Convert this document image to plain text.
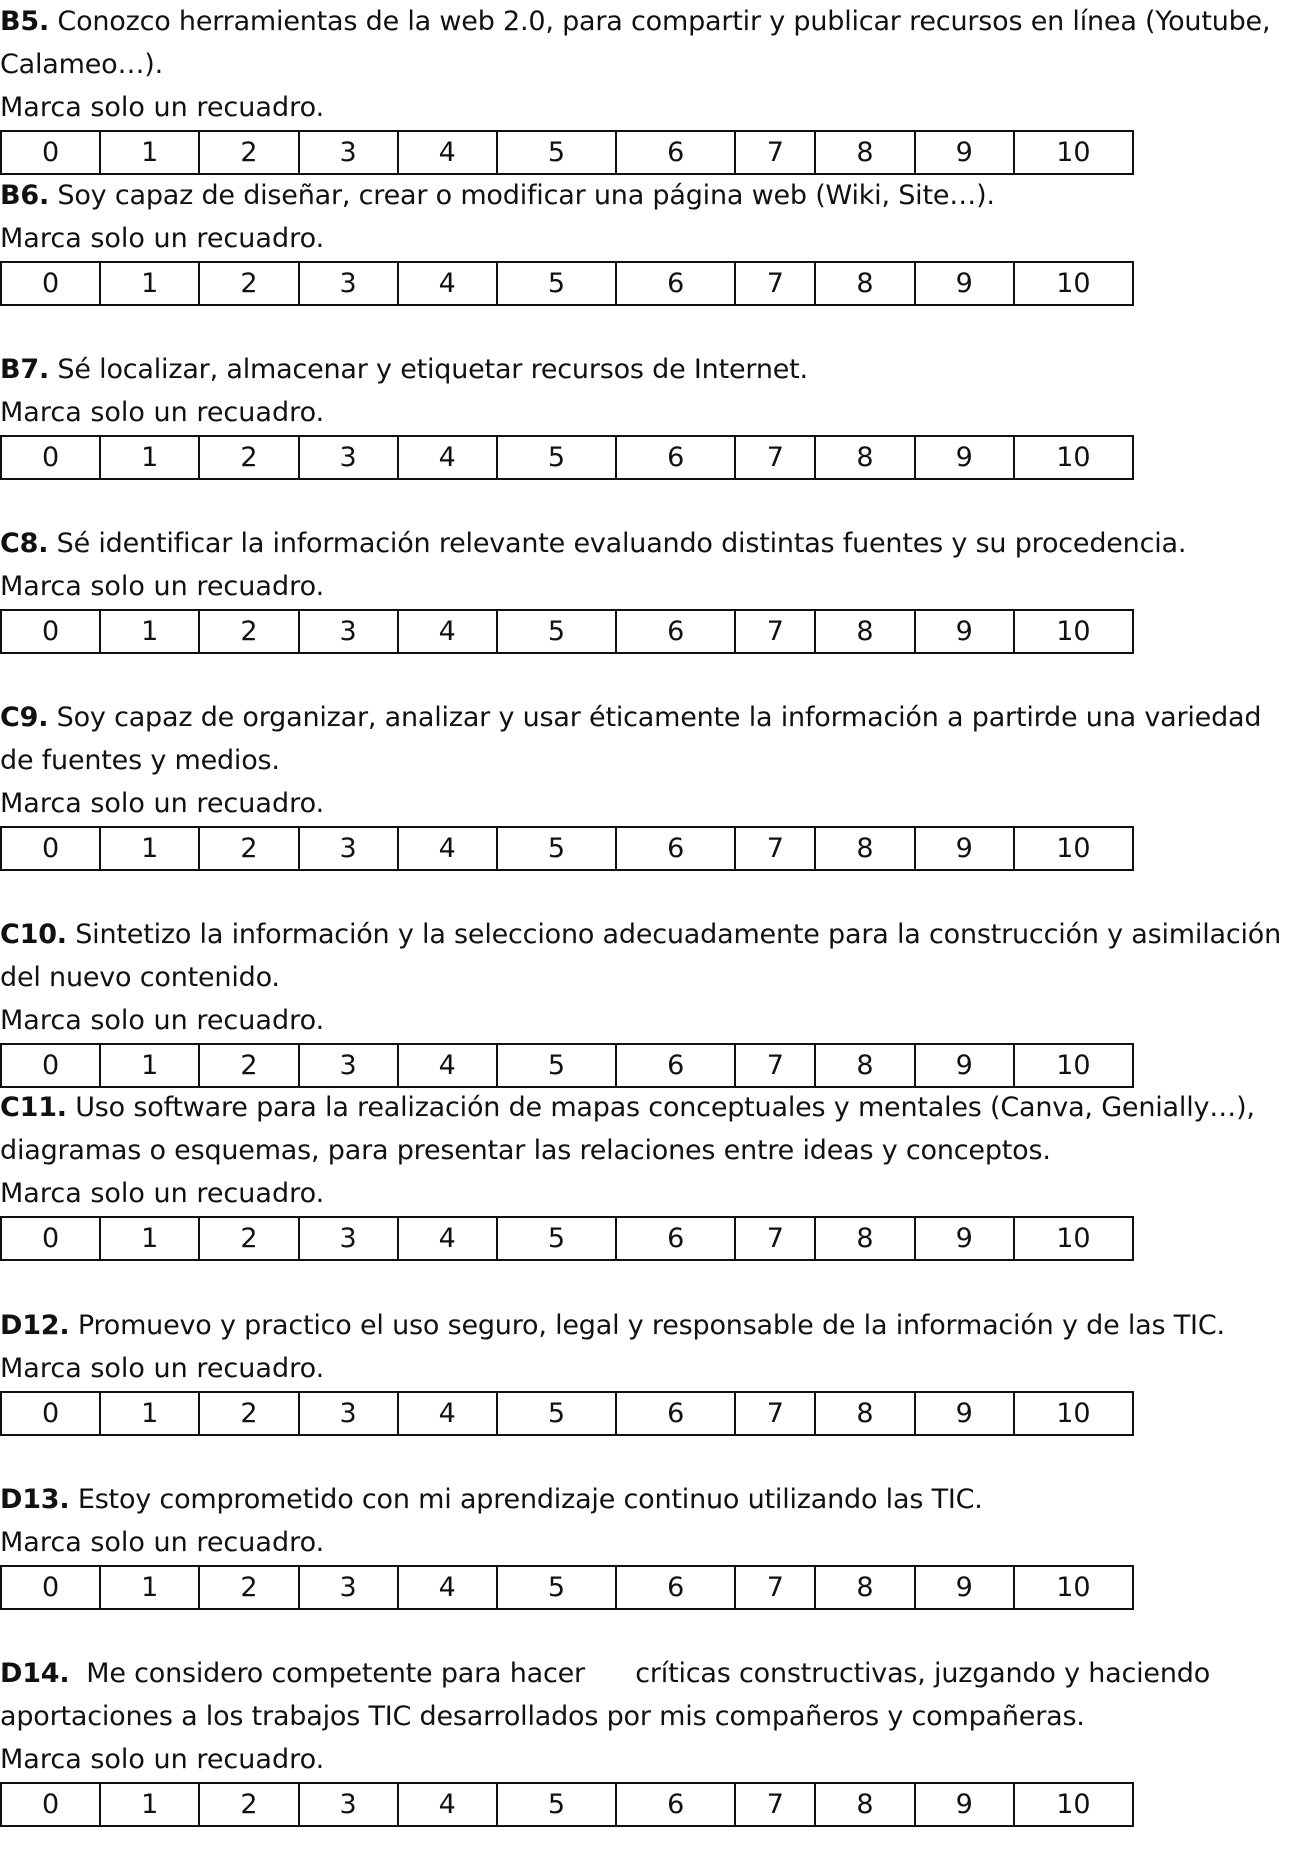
B5. Conozco herramientas de la web 2.0, para compartir y publicar recursos en línea (Youtube, Calameo…).

Marca solo un recuadro.

0	1	2	3	4	5	6	7	8	9	10

B6. Soy capaz de diseñar, crear o modificar una página web (Wiki, Site…).

Marca solo un recuadro.

0	1	2	3	4	5	6	7	8	9	10

B7. Sé localizar, almacenar y etiquetar recursos de Internet.

Marca solo un recuadro.

0	1	2	3	4	5	6	7	8	9	10

C8. Sé identificar la información relevante evaluando distintas fuentes y su procedencia.

Marca solo un recuadro.

0	1	2	3	4	5	6	7	8	9	10

C9. Soy capaz de organizar, analizar y usar éticamente la información a partirde una variedad de fuentes y medios.

Marca solo un recuadro.

0	1	2	3	4	5	6	7	8	9	10

C10. Sintetizo la información y la selecciono adecuadamente para la construcción y asimilación del nuevo contenido.

Marca solo un recuadro.

0	1	2	3	4	5	6	7	8	9	10

C11. Uso software para la realización de mapas conceptuales y mentales (Canva, Genially…), diagramas o esquemas, para presentar las relaciones entre ideas y conceptos.

Marca solo un recuadro.

0	1	2	3	4	5	6	7	8	9	10

D12. Promuevo y practico el uso seguro, legal y responsable de la información y de las TIC.

Marca solo un recuadro.

0	1	2	3	4	5	6	7	8	9	10

D13. Estoy comprometido con mi aprendizaje continuo utilizando las TIC.

Marca solo un recuadro.

0	1	2	3	4	5	6	7	8	9	10

D14.  Me considero competente para hacer      críticas constructivas, juzgando y haciendo aportaciones a los trabajos TIC desarrollados por mis compañeros y compañeras.

Marca solo un recuadro.

0	1	2	3	4	5	6	7	8	9	10
